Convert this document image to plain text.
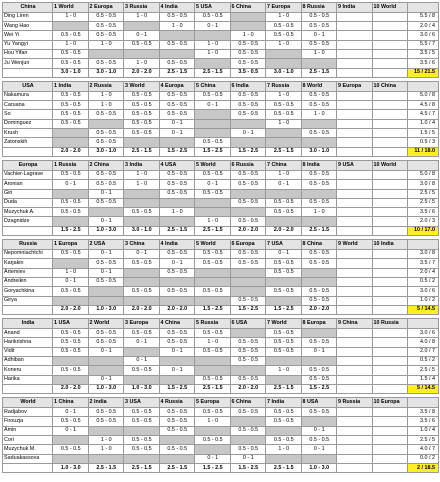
China	1 World	2 Europa	3 Russia	4 India	5 USA	6 China	7 Europa	8 Russia	9 India	10 World	
Ding Liren	1 - 0	0.5 - 0.5	1 - 0	0.5 - 0.5	0.5 - 0.5		1 - 0	0.5 - 0.5			5.5 / 8
Wang Hao		0.5 - 0.5		1 - 0	0 - 1		0.5 - 0.5	0.5 - 0.5			2.0 / 4
Wei Yi	0.5 - 0.5	0.5 - 0.5	0 - 1			1 - 0	0.5 - 0.5	0 - 1			3.0 / 6
Yu Yangyi	1 - 0	1 - 0	0.5 - 0.5	0.5 - 0.5	1 - 0	0.5 - 0.5	1 - 0	0.5 - 0.5			5.5 / 7
Hou Yifan	0.5 - 0.5				1 - 0	0.5 - 0.5		1 - 0			3.5 / 5
Ju Wenjun	0.5 - 0.5	0.5 - 0.5	1 - 0	0.5 - 0.5		0.5 - 0.5					3.5 / 6
	3.0 - 1.0	3.0 - 1.0	2.0 - 2.0	2.5 - 1.5	2.5 - 1.5	3.5 - 0.5	3.0 - 1.0	2.5 - 1.5			15 / 21.5
USA	1 India	2 Russia	3 World	4 Europa	5 China	6 India	7 Russia	8 World	9 Europa	10 China	
Nakamura	0.5 - 0.5	1 - 0	0.5 - 0.5	0.5 - 0.5	0.5 - 0.5	0.5 - 0.5	1 - 0	0.5 - 0.5			5.0 / 8
Caruana	0.5 - 0.5	1 - 0	0.5 - 0.5	0.5 - 0.5	0 - 1	0.5 - 0.5	0.5 - 0.5	0.5 - 0.5			4.5 / 8
So	0.5 - 0.5	0.5 - 0.5	0.5 - 0.5	0.5 - 0.5		0.5 - 0.5	0.5 - 0.5	1 - 0			4.5 / 7
Dominguez	0.5 - 0.5		0.5 - 0.5	0 - 1			1 - 0				1.0 / 4
Krush		0.5 - 0.5	0.5 - 0.5	0 - 1		0 - 1		0.5 - 0.5			1.5 / 5
Zatonskih		0.5 - 0.5			0.5 - 0.5						0.5 / 3
	2.0 - 2.0	3.0 - 1.0	2.5 - 1.5	1.5 - 2.5	1.5 - 2.5	1.5 - 2.5	2.5 - 1.5	3.0 - 1.0			11 / 18.0
Europa	1 Russia	2 China	3 India	4 USA	5 World	6 Russia	7 China	8 India	9 USA	10 World	
Vachier-Lagrave	0.5 - 0.5	0.5 - 0.5	1 - 0	0.5 - 0.5	0.5 - 0.5	0.5 - 0.5	1 - 0	0.5 - 0.5			5.0 / 8
Aronian	0 - 1	0.5 - 0.5	1 - 0	0.5 - 0.5	0 - 1	0.5 - 0.5	0 - 1	0.5 - 0.5			3.0 / 8
Giri		0 - 1		0.5 - 0.5	0.5 - 0.5						2.5 / 5
Duda	0.5 - 0.5	0.5 - 0.5				0.5 - 0.5	0.5 - 0.5	0.5 - 0.5			2.5 / 5
Muzychuk A.	0.5 - 0.5		0.5 - 0.5	1 - 0			0.5 - 0.5	1 - 0			3.5 / 6
Dzagnidze		0 - 1			1 - 0	0.5 - 0.5					2.0 / 3
	1.5 - 2.5	1.0 - 3.0	3.0 - 1.0	2.5 - 1.5	2.5 - 1.5	2.0 - 2.0	2.0 - 2.0	2.5 - 1.5			10 / 17.0
Russia	1 Europa	2 USA	3 China	4 India	5 World	6 Europa	7 USA	8 China	9 World	10 India	
Nepomniachtchi	0.5 - 0.5	0 - 1	0 - 1	0.5 - 0.5	0.5 - 0.5	0.5 - 0.5	0 - 1	0.5 - 0.5			3.0 / 8
Karjakin		0.5 - 0.5	0.5 - 0.5	0 - 1	0.5 - 0.5	0.5 - 0.5	0.5 - 0.5	0.5 - 0.5			3.5 / 7
Artemiev	1 - 0	0 - 1		0.5 - 0.5			0.5 - 0.5				2.0 / 4
Andreikin	0 - 1	0.5 - 0.5									0.5 / 2
Goryachkina	0.5 - 0.5		0.5 - 0.5	0.5 - 0.5	0.5 - 0.5		0.5 - 0.5	0.5 - 0.5			3.0 / 6
Girya						0.5 - 0.5		0.5 - 0.5			1.0 / 2
	2.0 - 2.0	1.0 - 3.0	2.0 - 2.0	2.0 - 2.0	1.5 - 2.5	1.5 - 2.5	1.5 - 2.5	2.0 - 2.0			5 / 14.5
India	1 USA	2 World	3 Europa	4 China	5 Russia	6 USA	7 World	8 Europa	9 China	10 Russia	
Anand	0.5 - 0.5	0.5 - 0.5	0.5 - 0.5	0.5 - 0.5	0.5 - 0.5		0.5 - 0.5				3.0 / 6
Harikrishna	0.5 - 0.5	0.5 - 0.5	0 - 1	0.5 - 0.5	1 - 0	0.5 - 0.5	0.5 - 0.5	0.5 - 0.5			4.0 / 8
Vidit	0.5 - 0.5	0 - 1		0 - 1	0.5 - 0.5	0.5 - 0.5	0.5 - 0.5	0 - 1			2.0 / 7
Adhiban			0 - 1			0.5 - 0.5					0.5 / 2
Koneru	0.5 - 0.5		0.5 - 0.5	0 - 1			1 - 0	0.5 - 0.5			2.5 / 5
Harika		0 - 1			0.5 - 0.5	0.5 - 0.5		0.5 - 0.5			1.5 / 4
	2.0 - 2.0	1.0 - 3.0	1.0 - 3.0	1.5 - 2.5	2.5 - 1.5	2.0 - 2.0	2.5 - 1.5	1.5 - 2.5			5 / 14.5
World	1 China	2 India	3 USA	4 Russia	5 Europa	6 China	7 India	8 USA	9 Russia	10 Europa	
Radjabov	0 - 1	0.5 - 0.5	0.5 - 0.5	0.5 - 0.5	0.5 - 0.5	0.5 - 0.5	0.5 - 0.5	0.5 - 0.5			3.5 / 8
Firouzja	0.5 - 0.5	0.5 - 0.5	0.5 - 0.5	0.5 - 0.5	1 - 0		0.5 - 0.5				3.5 / 6
Amin	0 - 1			0.5 - 0.5		0.5 - 0.5		0 - 1			1.0 / 4
Cori		1 - 0	0.5 - 0.5		0.5 - 0.5		0.5 - 0.5	0.5 - 0.5			2.5 / 5
Muzychuk M.	0.5 - 0.5	1 - 0	0.5 - 0.5	0.5 - 0.5		0.5 - 0.5	1 - 0	0 - 1			4.0 / 7
Saduakassova					0 - 1	0 - 1					0.0 / 2
	1.0 - 3.0	2.5 - 1.5	2.5 - 1.5	2.5 - 1.5	1.5 - 2.5	1.5 - 2.5	2.5 - 1.5	1.0 - 3.0			2 / 18.5
